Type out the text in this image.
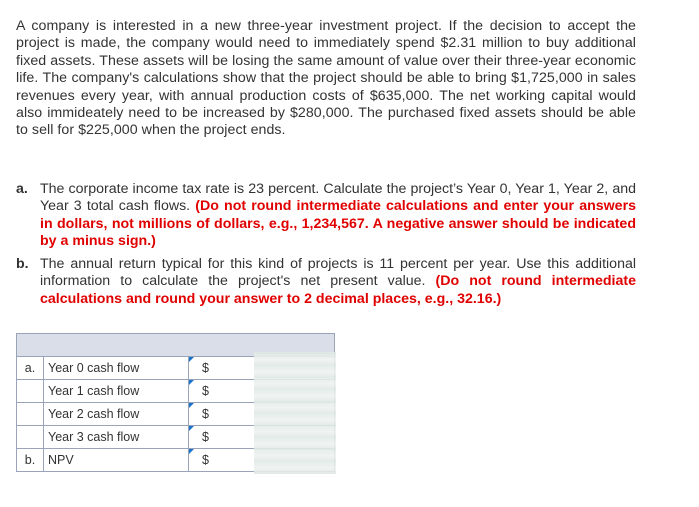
A company is interested in a new three-year investment project. If the decision to accept the project is made, the company would need to immediately spend $2.31 million to buy additional fixed assets. These assets will be losing the same amount of value over their three-year economic life. The company's calculations show that the project should be able to bring $1,725,000 in sales revenues every year, with annual production costs of $635,000. The net working capital would also immideately need to be increased by $280,000. The purchased fixed assets should be able to sell for $225,000 when the project ends.
a. The corporate income tax rate is 23 percent. Calculate the project’s Year 0, Year 1, Year 2, and Year 3 total cash flows. (Do not round intermediate calculations and enter your answers in dollars, not millions of dollars, e.g., 1,234,567. A negative answer should be indicated by a minus sign.)
b. The annual return typical for this kind of projects is 11 percent per year. Use this additional information to calculate the project's net present value. (Do not round intermediate calculations and round your answer to 2 decimal places, e.g., 32.16.)

a.	Year 0 cash flow	$

	Year 1 cash flow	$

	Year 2 cash flow	$

	Year 3 cash flow	$

b.	NPV	$
